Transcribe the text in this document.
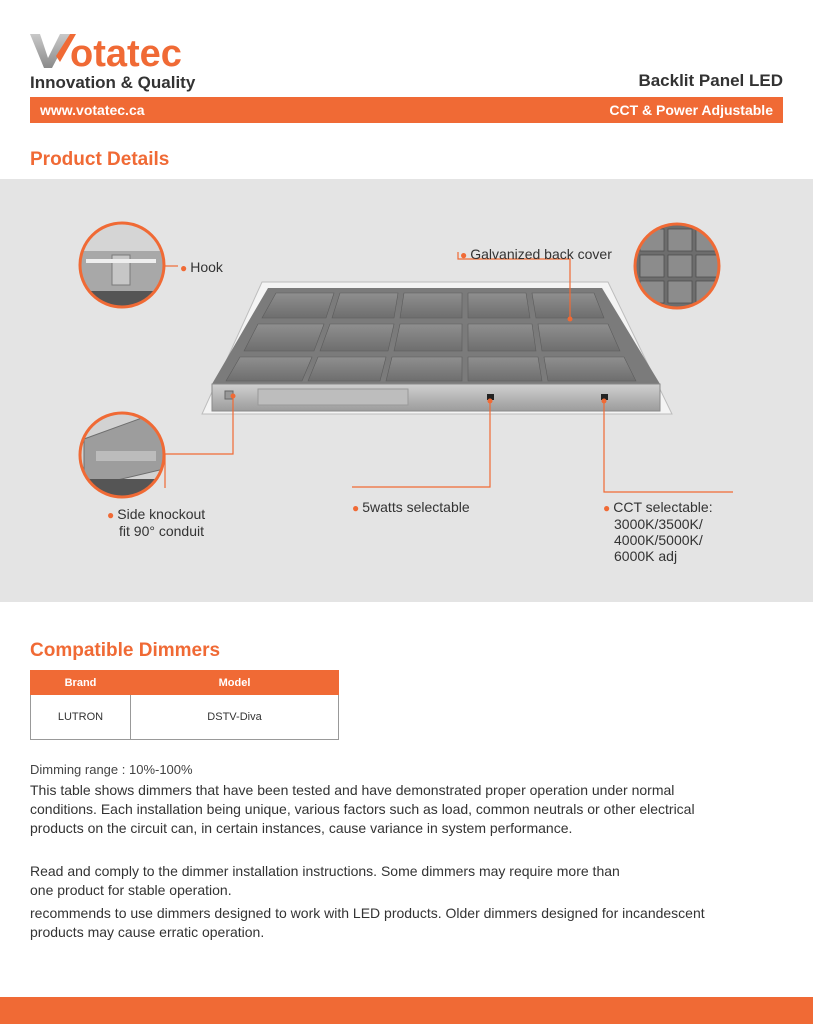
otatec
Innovation & Quality	Backlit Panel LED
www.votatec.ca	CCT & Power Adjustable
Product Details
● Hook
● Galvanized back cover
● Side knockout
fit 90° conduit
● 5watts selectable	● CCT selectable:
3000K/3500K/
4000K/5000K/
6000K adj
Compatible Dimmers
Brand	Model
LUTRON	DSTV-Diva
Dimming range : 10%-100%

This table shows dimmers that have been tested and have demonstrated proper operation under normal conditions. Each installation being unique, various factors such as load, common neutrals or other electrical products on the circuit can, in certain instances, cause variance in system performance.

Read and comply to the dimmer installation instructions. Some dimmers may require more than one product for stable operation.

recommends to use dimmers designed to work with LED products. Older dimmers designed for incandescent products may cause erratic operation.
